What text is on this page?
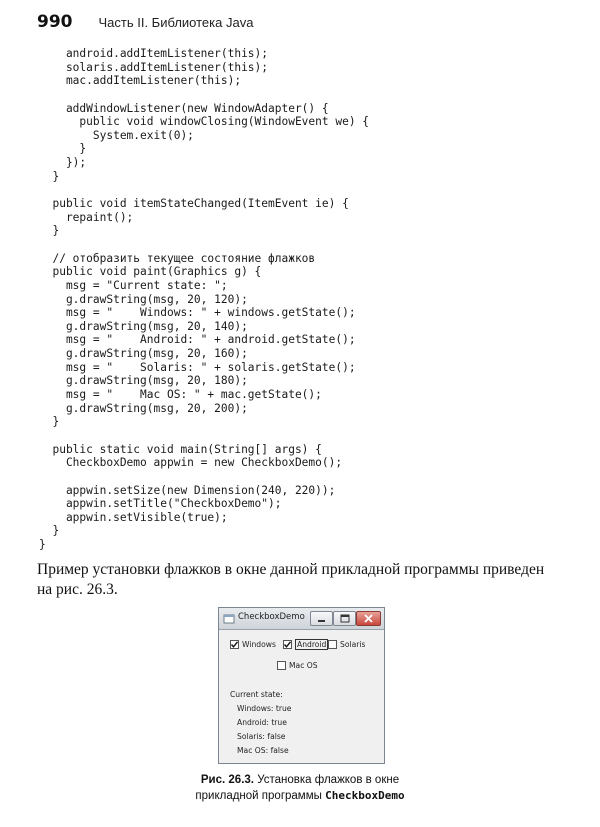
990 Часть II. Библиотека Java
android.addItemListener(this);
solaris.addItemListener(this);
mac.addItemListener(this);
addWindowListener(new WindowAdapter() {
public void windowClosing(WindowEvent we) {
System.exit(0);
}
});
}
public void itemStateChanged(ItemEvent ie) {
repaint();
}
// отобразить текущее состояние флажков
public void paint(Graphics g) {
msg = "Current state: ";
g.drawString(msg, 20, 120);
msg = "    Windows: " + windows.getState();
g.drawString(msg, 20, 140);
msg = "    Android: " + android.getState();
g.drawString(msg, 20, 160);
msg = "    Solaris: " + solaris.getState();
g.drawString(msg, 20, 180);
msg = "    Mac OS: " + mac.getState();
g.drawString(msg, 20, 200);
}
public static void main(String[] args) {
CheckboxDemo appwin = new CheckboxDemo();
appwin.setSize(new Dimension(240, 220));
appwin.setTitle("CheckboxDemo");
appwin.setVisible(true);
}
}
Пример установки флажков в окне данной прикладной программы приведен
на рис. 26.3.
CheckboxDemo
Windows	Android Solaris
Mac OS
Current state:
Windows: true
Android: true
Solaris: false
Mac OS: false
Рис. 26.3. Установка флажков в окне
прикладной программы CheckboxDemo
